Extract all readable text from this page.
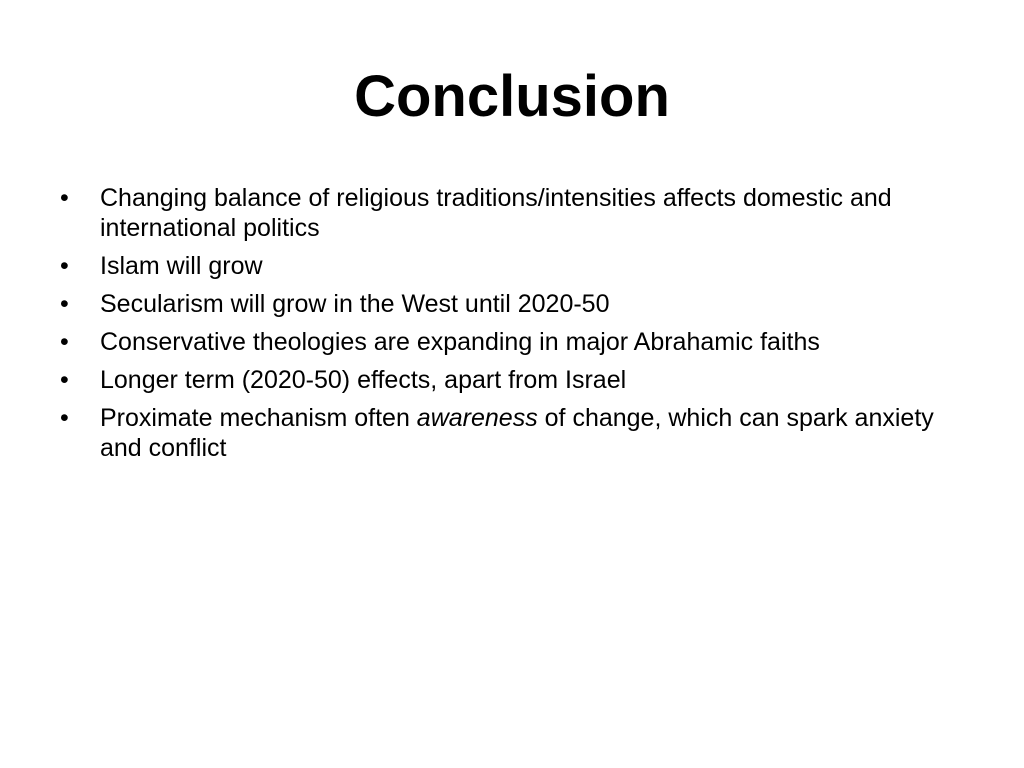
Conclusion
•	Changing balance of religious traditions/intensities affects domestic and international politics
•	Islam will grow
•	Secularism will grow in the West until 2020-50
•	Conservative theologies are expanding in major Abrahamic faiths
•	Longer term (2020-50) effects, apart from Israel
•	Proximate mechanism often awareness of change, which can spark anxiety and conflict
